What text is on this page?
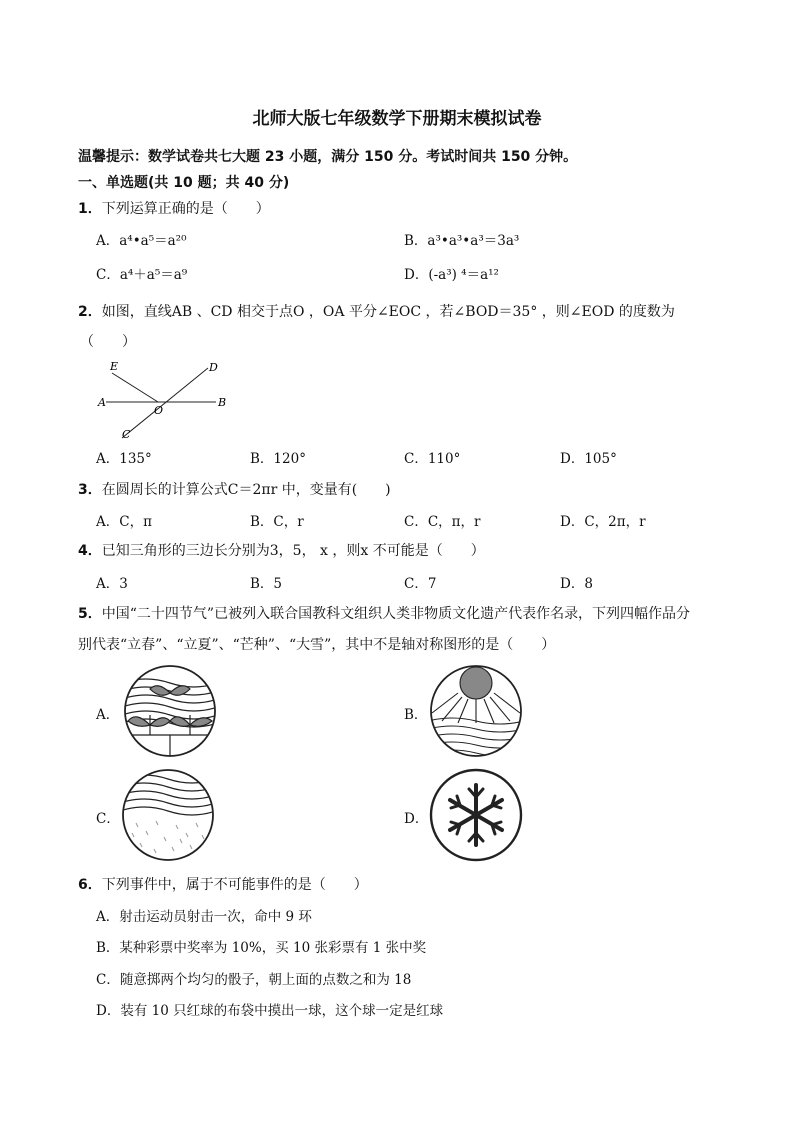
北师大版七年级数学下册期末模拟试卷
温馨提示：数学试卷共七大题 23 小题，满分 150 分。考试时间共 150 分钟。
一、单选题(共 10 题；共 40 分)
1．下列运算正确的是（　　）
A．a⁴•a⁵＝a²⁰	B．a³•a³•a³＝3a³
C．a⁴＋a⁵＝a⁹	D．(-a³) ⁴＝a¹²
2．如图，直线AB 、CD 相交于点O ，OA 平分∠EOC ，若∠BOD＝35° ，则∠EOD 的度数为
（　　）
E	D
A
O
B
C
A．135°	B．120°	C．110°	D．105°
3．在圆周长的计算公式C＝2πr 中，变量有(　　)
A．C，π	B．C，r	C．C，π，r	D．C，2π，r
4．已知三角形的三边长分别为3，5， x ，则x 不可能是（　　）
A．3	B．5	C．7	D．8
5．中国“二十四节气”已被列入联合国教科文组织人类非物质文化遗产代表作名录，下列四幅作品分
别代表“立春”、“立夏”、“芒种”、“大雪”，其中不是轴对称图形的是（　　）
A．	B．
C．	D．
6．下列事件中，属于不可能事件的是（　　）
A．射击运动员射击一次，命中 9 环
B．某种彩票中奖率为 10%，买 10 张彩票有 1 张中奖
C．随意掷两个均匀的骰子，朝上面的点数之和为 18
D．装有 10 只红球的布袋中摸出一球，这个球一定是红球
